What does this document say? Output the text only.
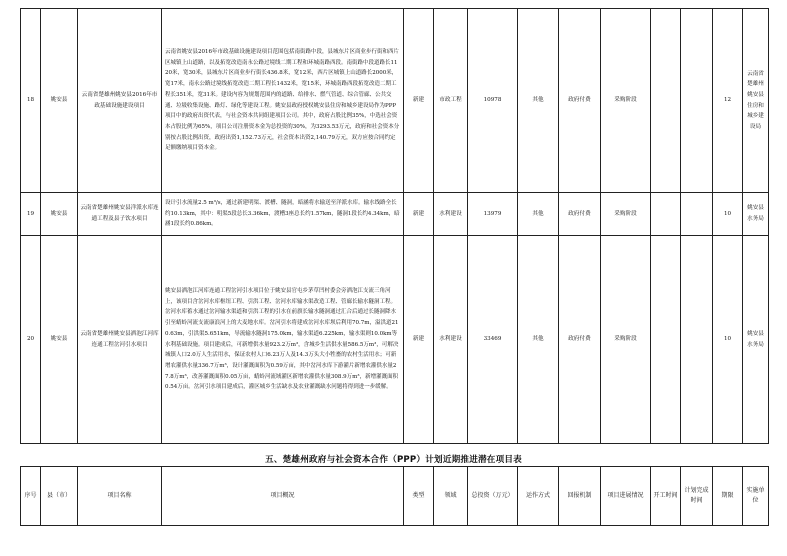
18	姚安县	云南省楚雄州姚安县2016年市政基础设施建设项目	云南省姚安县2016年市政基础设施建设项目范围包括南街路中段，县城东片区商业步行街和西片区城镇上山道路，以及拓宽改造南永公路过境线二期工程和环城南路西段。南街路中段道路长1120米，宽30米，县城东片区商业步行街长436.8米，宽12米，西片区城镇上山道路长2000米，宽17米，南永公路过境线拓宽改造二期工程长1432米，宽15米，环城南路西段拓宽改造二期工程长351米，宽31米。建设内容为规划范围内的道路、给排水、燃气管道、综合管廊、公共交通、垃圾收集设施、路灯、绿化等建设工程。姚安县政府授权姚安县住房和城乡建设局作为PPP项目中的政府出资代表，与社会资本共同组建项目公司。其中，政府占股比例35%，中选社会资本占股比例为65%，项目公司注册资本金为总投资的30%，为3293.53万元，政府和社会资本分别按占股比例出资，政府出资1,152.73万元，社会资本出资2,140.79万元，双方应按合同约定足额缴纳项目资本金。	新建	市政工程	10978	其他	政府付费	采购阶段			12	云南省楚雄州姚安县住房和城乡建设局
19	姚安县	云南省楚雄州姚安县洋派水库连通工程及县子饮水项目	设计引水流量2.5 m³/s，通过新建明渠、渡槽、隧洞，暗涵将水输送至洋派水库。输水线路全长约10.13km，其中：明渠5段总长3.36km，渡槽3座总长约1.57km，隧洞1段长约4.34km，暗涵1段长约0.86km。	新建	水利建设	13979	其他	政府付费	采购阶段			10	姚安县水务局
20	姚安县	云南省楚雄州姚安县洒泡江河库连通工程岔河引水项目	姚安县洒泡江河库连通工程岔河引水项目位于姚安县官屯乡茅草凹村委会旁洒泡江支流三角河上，该项目含岔河水库枢纽工程、引洪工程、岔河水库输水渠改造工程、管廊长输水隧洞工程。岔河水库蓄水通过岔河输水渠道和引洪工程的引水在前旗长输水隧洞通过汇合后通过长隧洞降水引至蜻蛉河流支流康浪河上的大麦地水库。岔河引水将建成岔河水库坝后利用70.7m，溢洪道210.63m，引洪渠5.651km，导流输水隧洞175.0km，输水渠道6.225km，输水渠则10.0km等水利基础设施。项目建成后，可新增供水量923.2万m³，含城乡生活供水量586.5万m³，可解决城镇人口2.0万人生活用水，保证农村人口6.23万人及14.3万头大小牲畜的农村生活用水；可新增农灌供水量336.7万m³，设计灌溉面积为0.59万亩，其中岔河水库下游灌片新增农灌供水量27.8万m³，改善灌溉面积0.05万亩，蜻蛉河流域灌区新增农灌供水量308.9万m³，新增灌溉面积0.54万亩。岔河引水项目建成后，灌区城乡生活缺水及农业灌溉缺水问题将得到进一步缓解。	新建	水利建设	33469	其他	政府付费	采购阶段			10	姚安县水务局
五、楚雄州政府与社会资本合作（PPP）计划近期推进潜在项目表
序号	县（市）	项目名称	项目概况	类型	领域	总投资（万元）	运作方式	回报机制	项目进展情况	开工时间	计划完成时间	期限	实施单位
